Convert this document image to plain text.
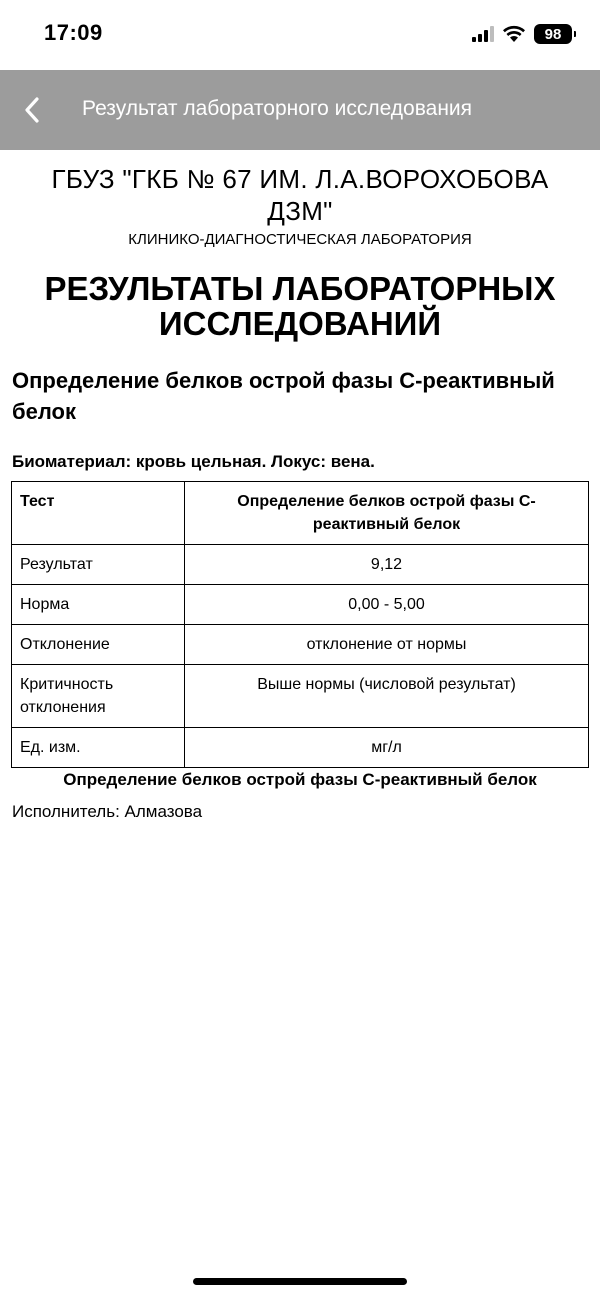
17:09	98
Результат лабораторного исследования
ГБУЗ "ГКБ № 67 ИМ. Л.А.ВОРОХОБОВА ДЗМ"
КЛИНИКО-ДИАГНОСТИЧЕСКАЯ ЛАБОРАТОРИЯ
РЕЗУЛЬТАТЫ ЛАБОРАТОРНЫХ ИССЛЕДОВАНИЙ
Определение белков острой фазы С-реактивный белок
Биоматериал: кровь цельная. Локус: вена.
Тест	Определение белков острой фазы С-реактивный белок
Результат	9,12
Норма	0,00 - 5,00
Отклонение	отклонение от нормы
Критичность отклонения	Выше нормы (числовой результат)
Ед. изм.	мг/л
Определение белков острой фазы С-реактивный белок
Исполнитель: Алмазова
